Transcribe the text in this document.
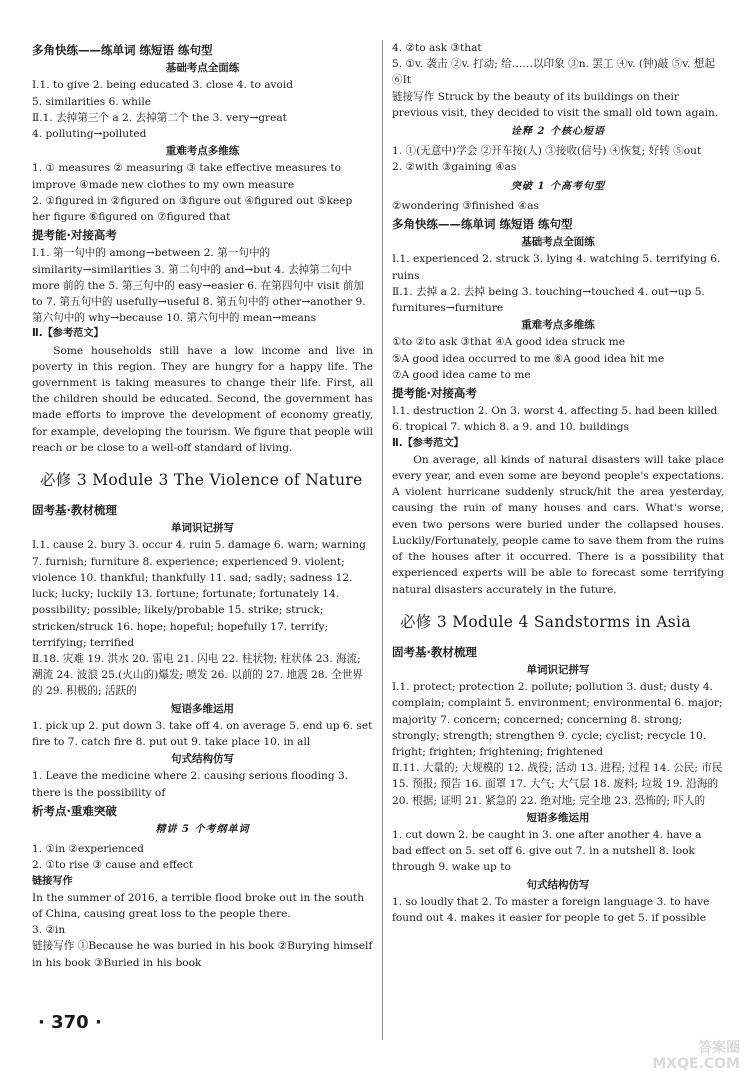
多角快练——练单词 练短语 练句型
基础考点全面练
Ⅰ.1. to give 2. being educated 3. close 4. to avoid
5. similarities 6. while
Ⅱ.1. 去掉第三个 a 2. 去掉第二个 the 3. very→great
4. polluting→polluted
重难考点多维练
1. ① measures ② measuring ③ take effective measures to improve ④made new clothes to my own measure
2. ①figured in ②figured on ③figure out ④figured out ⑤keep her figure ⑥figured on ⑦figured that
提考能·对接高考
Ⅰ.1. 第一句中的 among→between 2. 第一句中的 similarity→similarities 3. 第二句中的 and→but 4. 去掉第二句中 more 前的 the 5. 第三句中的 easy→easier 6. 在第四句中 visit 前加 to 7. 第五句中的 usefully→useful 8. 第五句中的 other→another 9. 第六句中的 why→because 10. 第六句中的 mean→means
Ⅱ.【参考范文】
Some households still have a low income and live in poverty in this region. They are hungry for a happy life. The government is taking measures to change their life. First, all the children should be educated. Second, the government has made efforts to improve the development of economy greatly, for example, developing the tourism. We figure that people will reach or be close to a well-off standard of living.
必修 3 Module 3 The Violence of Nature
固考基·教材梳理
单词识记拼写
Ⅰ.1. cause 2. bury 3. occur 4. ruin 5. damage 6. warn; warning 7. furnish; furniture 8. experience; experienced 9. violent; violence 10. thankful; thankfully 11. sad; sadly; sadness 12. luck; lucky; luckily 13. fortune; fortunate; fortunately 14. possibility; possible; likely/probable 15. strike; struck; stricken/struck 16. hope; hopeful; hopefully 17. terrify; terrifying; terrified
Ⅱ.18. 灾难 19. 洪水 20. 雷电 21. 闪电 22. 柱状物; 柱状体 23. 海流; 潮流 24. 波浪 25.(火山的)爆发; 喷发 26. 以前的 27. 地震 28. 全世界的 29. 积极的; 活跃的
短语多维运用
1. pick up 2. put down 3. take off 4. on average 5. end up 6. set fire to 7. catch fire 8. put out 9. take place 10. in all
句式结构仿写
1. Leave the medicine where 2. causing serious flooding 3. there is the possibility of
析考点·重难突破
精讲 5 个考纲单词
1. ①in ②experienced
2. ①to rise ③ cause and effect
链接写作
In the summer of 2016, a terrible flood broke out in the south of China, causing great loss to the people there.
3. ②in
链接写作 ①Because he was buried in his book ②Burying himself in his book ③Buried in his book
4. ②to ask ③that
5. ①v. 袭击 ②v. 打动; 给……以印象 ③n. 罢工 ④v. (钟)敲 ⑤v. 想起 ⑥It
链接写作 Struck by the beauty of its buildings on their previous visit, they decided to visit the small old town again.
诠释 2 个核心短语
1. ①(无意中)学会 ②开车接(人) ③接收(信号) ④恢复; 好转 ⑤out
2. ②with ③gaining ④as
突破 1 个高考句型
②wondering ③finished ④as
多角快练——练单词 练短语 练句型
基础考点全面练
Ⅰ.1. experienced 2. struck 3. lying 4. watching 5. terrifying 6. ruins
Ⅱ.1. 去掉 a 2. 去掉 being 3. touching→touched 4. out→up 5. furnitures→furniture
重难考点多维练
①to ②to ask ③that ④A good idea struck me
⑤A good idea occurred to me ⑥A good idea hit me
⑦A good idea came to me
提考能·对接高考
Ⅰ.1. destruction 2. On 3. worst 4. affecting 5. had been killed 6. tropical 7. which 8. a 9. and 10. buildings
Ⅱ.【参考范文】
On average, all kinds of natural disasters will take place every year, and even some are beyond people's expectations. A violent hurricane suddenly struck/hit the area yesterday, causing the ruin of many houses and cars. What's worse, even two persons were buried under the collapsed houses. Luckily/Fortunately, people came to save them from the ruins of the houses after it occurred. There is a possibility that experienced experts will be able to forecast some terrifying natural disasters accurately in the future.
必修 3 Module 4 Sandstorms in Asia
固考基·教材梳理
单词识记拼写
Ⅰ.1. protect; protection 2. pollute; pollution 3. dust; dusty 4. complain; complaint 5. environment; environmental 6. major; majority 7. concern; concerned; concerning 8. strong; strongly; strength; strengthen 9. cycle; cyclist; recycle 10. fright; frighten; frightening; frightened
Ⅱ.11. 大量的; 大规模的 12. 战役; 活动 13. 进程; 过程 14. 公民; 市民 15. 预报; 预告 16. 面罩 17. 大气; 大气层 18. 废料; 垃圾 19. 沿海的 20. 根据; 证明 21. 紧急的 22. 绝对地; 完全地 23. 恐怖的; 吓人的
短语多维运用
1. cut down 2. be caught in 3. one after another 4. have a bad effect on 5. set off 6. give out 7. in a nutshell 8. look through 9. wake up to
句式结构仿写
1. so loudly that 2. To master a foreign language 3. to have found out 4. makes it easier for people to get 5. if possible
· 370 ·
答案圈 MXQE.COM
